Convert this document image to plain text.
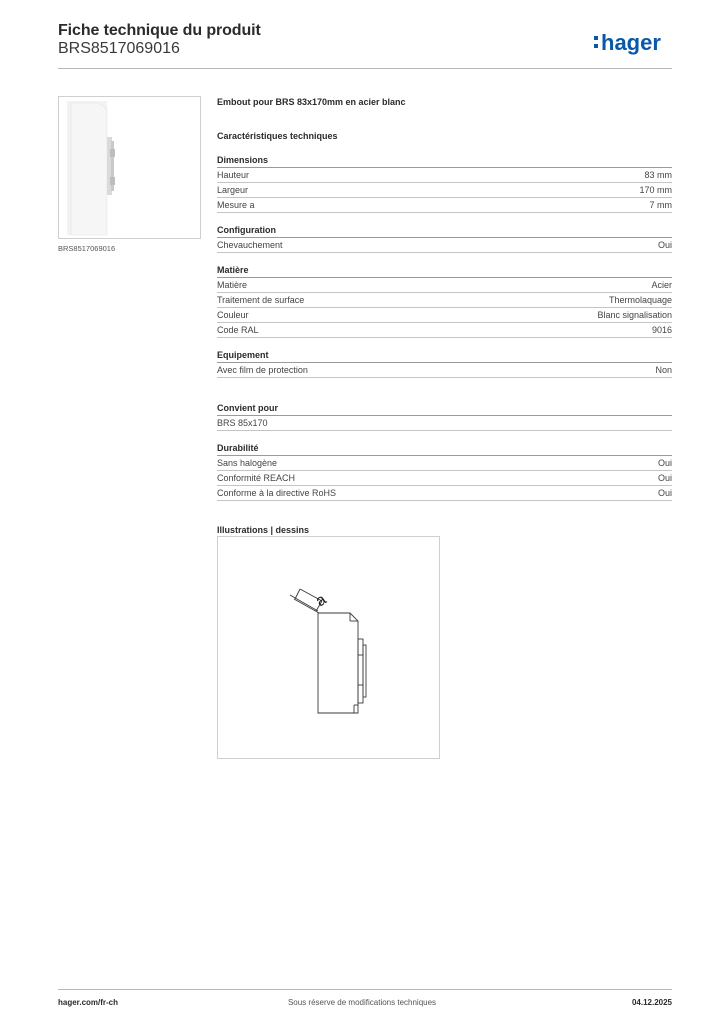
Fiche technique du produit
BRS8517069016	hager
BRS8517069016
Embout pour BRS 83x170mm en acier blanc
Caractéristiques techniques
Dimensions
Hauteur	83 mm
Largeur	170 mm
Mesure a	7 mm
Configuration
Chevauchement	Oui
Matière
Matière	Acier
Traitement de surface	Thermolaquage
Couleur	Blanc signalisation
Code RAL	9016
Equipement
Avec film de protection	Non
Convient pour
BRS 85x170
Durabilité
Sans halogène	Oui
Conformité REACH	Oui
Conforme à la directive RoHS	Oui
Illustrations | dessins
a
hager.com/fr-ch	Sous réserve de modifications techniques	04.12.2025
